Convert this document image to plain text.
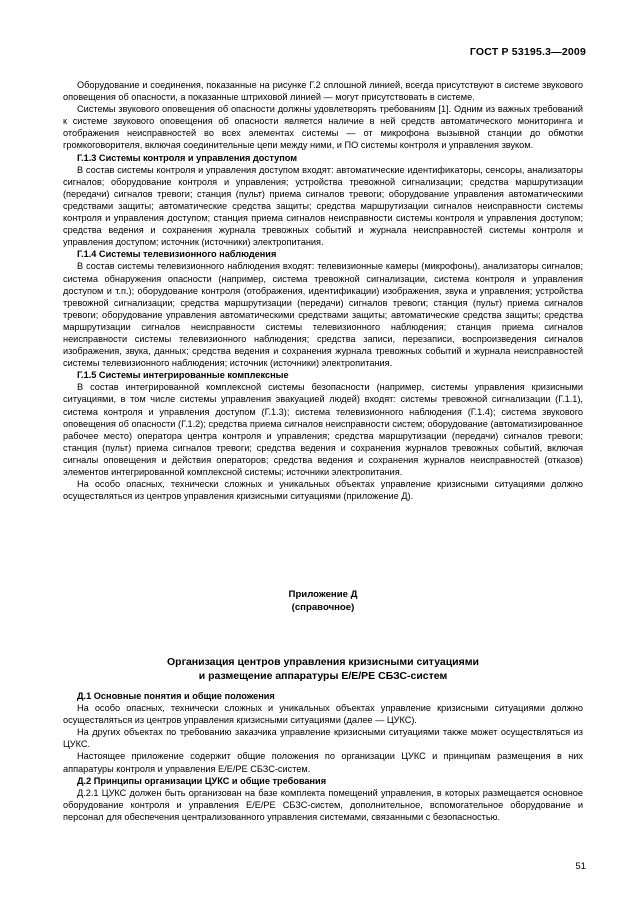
ГОСТ Р 53195.3—2009

Оборудование и соединения, показанные на рисунке Г.2 сплошной линией, всегда присутствуют в системе звукового оповещения об опасности, а показанные штриховой линией — могут присутствовать в системе.

Системы звукового оповещения об опасности должны удовлетворять требованиям [1]. Одним из важных требований к системе звукового оповещения об опасности является наличие в ней средств автоматического мониторинга и отображения неисправностей во всех элементах системы — от микрофона вызывной станции до обмотки громкоговорителя, включая соединительные цепи между ними, и ПО системы контроля и управления звуком.

Г.1.3 Системы контроля и управления доступом

В состав системы контроля и управления доступом входят: автоматические идентификаторы, сенсоры, анализаторы сигналов; оборудование контроля и управления; устройства тревожной сигнализации; средства маршрутизации (передачи) сигналов тревоги; станция (пульт) приема сигналов тревоги; оборудование управления автоматическими средствами защиты; автоматические средства защиты; средства маршрутизации сигналов неисправности системы контроля и управления доступом; станция приема сигналов неисправности системы контроля и управления доступом; средства ведения и сохранения журнала тревожных событий и журнала неисправностей системы контроля и управления доступом; источник (источники) электропитания.

Г.1.4 Системы телевизионного наблюдения

В состав системы телевизионного наблюдения входят: телевизионные камеры (микрофоны), анализаторы сигналов; система обнаружения опасности (например, система тревожной сигнализации, система контроля и управления доступом и т.п.); оборудование контроля (отображения, идентификации) изображения, звука и управления; устройства тревожной сигнализации; средства маршрутизации (передачи) сигналов тревоги; станция (пульт) приема сигналов тревоги; оборудование управления автоматическими средствами защиты; автоматические средства защиты; средства маршрутизации сигналов неисправности системы телевизионного наблюдения; станция приема сигналов неисправности системы телевизионного наблюдения; средства записи, перезаписи, воспроизведения сигналов изображения, звука, данных; средства ведения и сохранения журнала тревожных событий и журнала неисправностей системы телевизионного наблюдения; источник (источники) электропитания.

Г.1.5 Системы интегрированные комплексные

В состав интегрированной комплексной системы безопасности (например, системы управления кризисными ситуациями, в том числе системы управления эвакуацией людей) входят: системы тревожной сигнализации (Г.1.1), система контроля и управления доступом (Г.1.3); система телевизионного наблюдения (Г.1.4); система звукового оповещения об опасности (Г.1.2); средства приема сигналов неисправности систем; оборудование (автоматизированное рабочее место) оператора центра контроля и управления; средства маршрутизации (передачи) сигналов тревоги; станция (пульт) приема сигналов тревоги; средства ведения и сохранения журналов тревожных событий, включая сигналы оповещения и действия операторов; средства ведения и сохранения журналов неисправностей (отказов) элементов интегрированной комплексной системы; источники электропитания.

На особо опасных, технически сложных и уникальных объектах управление кризисными ситуациями должно осуществляться из центров управления кризисными ситуациями (приложение Д).

Приложение Д
(справочное)
Организация центров управления кризисными ситуациями
и размещение аппаратуры E/E/PE СБЗС-систем
Д.1 Основные понятия и общие положения

На особо опасных, технически сложных и уникальных объектах управление кризисными ситуациями должно осуществляться из центров управления кризисными ситуациями (далее — ЦУКС).

На других объектах по требованию заказчика управление кризисными ситуациями также может осуществляться из ЦУКС.

Настоящее приложение содержит общие положения по организации ЦУКС и принципам размещения в них аппаратуры контроля и управления E/E/PE СБЗС-систем.

Д.2 Принципы организации ЦУКС и общие требования

Д.2.1 ЦУКС должен быть организован на базе комплекта помещений управления, в которых размещается основное оборудование контроля и управления E/E/PE СБЗС-систем, дополнительное, вспомогательное оборудование и персонал для обеспечения централизованного управления системами, связанными с безопасностью.

51
